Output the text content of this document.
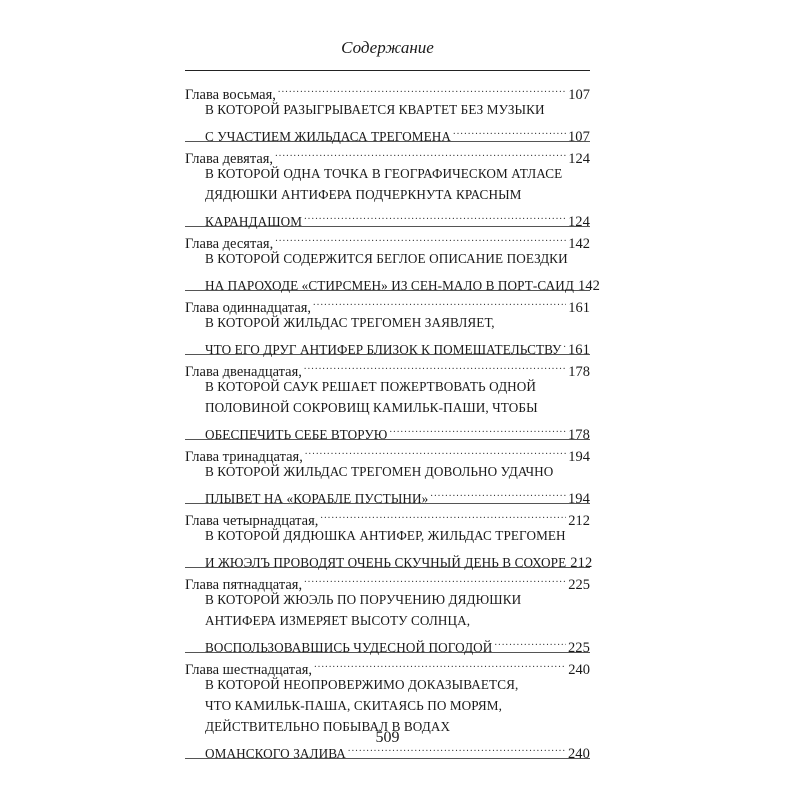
Содержание
Глава восьмая, .....	107
В КОТОРОЙ РАЗЫГРЫВАЕТСЯ КВАРТЕТ БЕЗ МУЗЫКИ
С УЧАСТИЕМ ЖИЛЬДАСА ТРЕГОМЕНА .....	107
Глава девятая, .....	124
В КОТОРОЙ ОДНА ТОЧКА В ГЕОГРАФИЧЕСКОМ АТЛАСЕ
ДЯДЮШКИ АНТИФЕРА ПОДЧЕРКНУТА КРАСНЫМ
КАРАНДАШОМ .....	124
Глава десятая, .....	142
В КОТОРОЙ СОДЕРЖИТСЯ БЕГЛОЕ ОПИСАНИЕ ПОЕЗДКИ
НА ПАРОХОДЕ «СТИРСМЕН» ИЗ СЕН-МАЛО В ПОРТ-САИД 142
Глава одиннадцатая, .....	161
В КОТОРОЙ ЖИЛЬДАС ТРЕГОМЕН ЗАЯВЛЯЕТ,
ЧТО ЕГО ДРУГ АНТИФЕР БЛИЗОК К ПОМЕШАТЕЛЬСТВУ ..... 161
Глава двенадцатая, .....	178
В КОТОРОЙ САУК РЕШАЕТ ПОЖЕРТВОВАТЬ ОДНОЙ
ПОЛОВИНОЙ СОКРОВИЩ КАМИЛЬК-ПАШИ, ЧТОБЫ
ОБЕСПЕЧИТЬ СЕБЕ ВТОРУЮ .....	178
Глава тринадцатая, .....	194
В КОТОРОЙ ЖИЛЬДАС ТРЕГОМЕН ДОВОЛЬНО УДАЧНО
ПЛЫВЕТ НА «КОРАБЛЕ ПУСТЫНИ» .....	194
Глава четырнадцатая, .....	212
В КОТОРОЙ ДЯДЮШКА АНТИФЕР, ЖИЛЬДАС ТРЕГОМЕН
И ЖЮЭЛЪ ПРОВОДЯТ ОЧЕНЬ СКУЧНЫЙ ДЕНЬ В СОХОРЕ 212
Глава пятнадцатая, .....	225
В КОТОРОЙ ЖЮЭЛЬ ПО ПОРУЧЕНИЮ ДЯДЮШКИ
АНТИФЕРА ИЗМЕРЯЕТ ВЫСОТУ СОЛНЦА,
ВОСПОЛЬЗОВАВШИСЬ ЧУДЕСНОЙ ПОГОДОЙ .....	225
Глава шестнадцатая, .....	240
В КОТОРОЙ НЕОПРОВЕРЖИМО ДОКАЗЫВАЕТСЯ,
ЧТО КАМИЛЬК-ПАША, СКИТАЯСЬ ПО МОРЯМ,
ДЕЙСТВИТЕЛЬНО ПОБЫВАЛ В ВОДАХ
ОМАНСКОГО ЗАЛИВА .....	240
509
